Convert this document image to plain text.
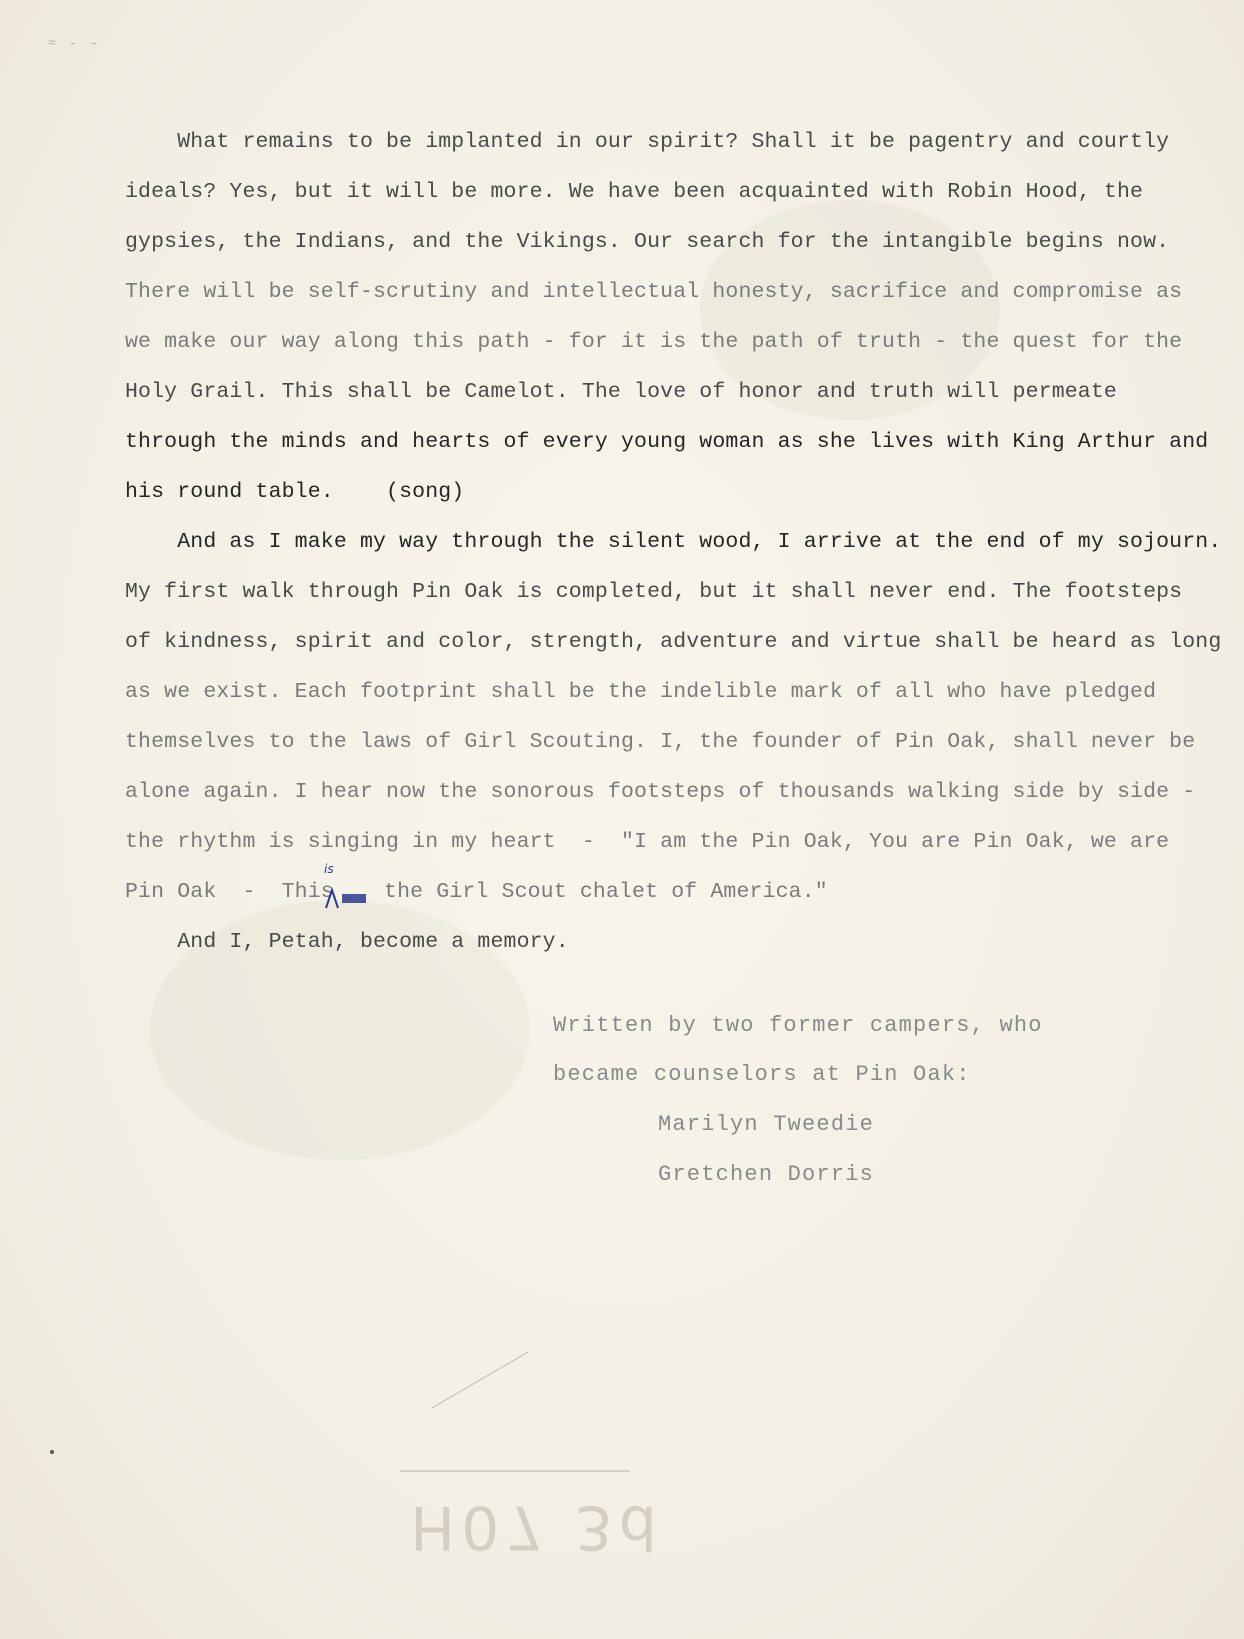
≈ ‑ ‑
What remains to be implanted in our spirit? Shall it be pagentry and courtly
ideals? Yes, but it will be more. We have been acquainted with Robin Hood, the
gypsies, the Indians, and the Vikings. Our search for the intangible begins now.
There will be self-scrutiny and intellectual honesty, sacrifice and compromise as
we make our way along this path - for it is the path of truth - the quest for the
Holy Grail. This shall be Camelot. The love of honor and truth will permeate
through the minds and hearts of every young woman as she lives with King Arthur and
his round table.    (song)
And as I make my way through the silent wood, I arrive at the end of my sojourn.
My first walk through Pin Oak is completed, but it shall never end. The footsteps
of kindness, spirit and color, strength, adventure and virtue shall be heard as long
as we exist. Each footprint shall be the indelible mark of all who have pledged
themselves to the laws of Girl Scouting. I, the founder of Pin Oak, shall never be
alone again. I hear now the sonorous footsteps of thousands walking side by side -
the rhythm is singing in my heart  -  "I am the Pin Oak, You are Pin Oak, we are
Pin Oak  -  This
is
the Girl Scout chalet of America."
And I, Petah, become a memory.
Written by two former campers, who
became counselors at Pin Oak:
Marilyn Tweedie
Gretchen Dorris
H07 3d
